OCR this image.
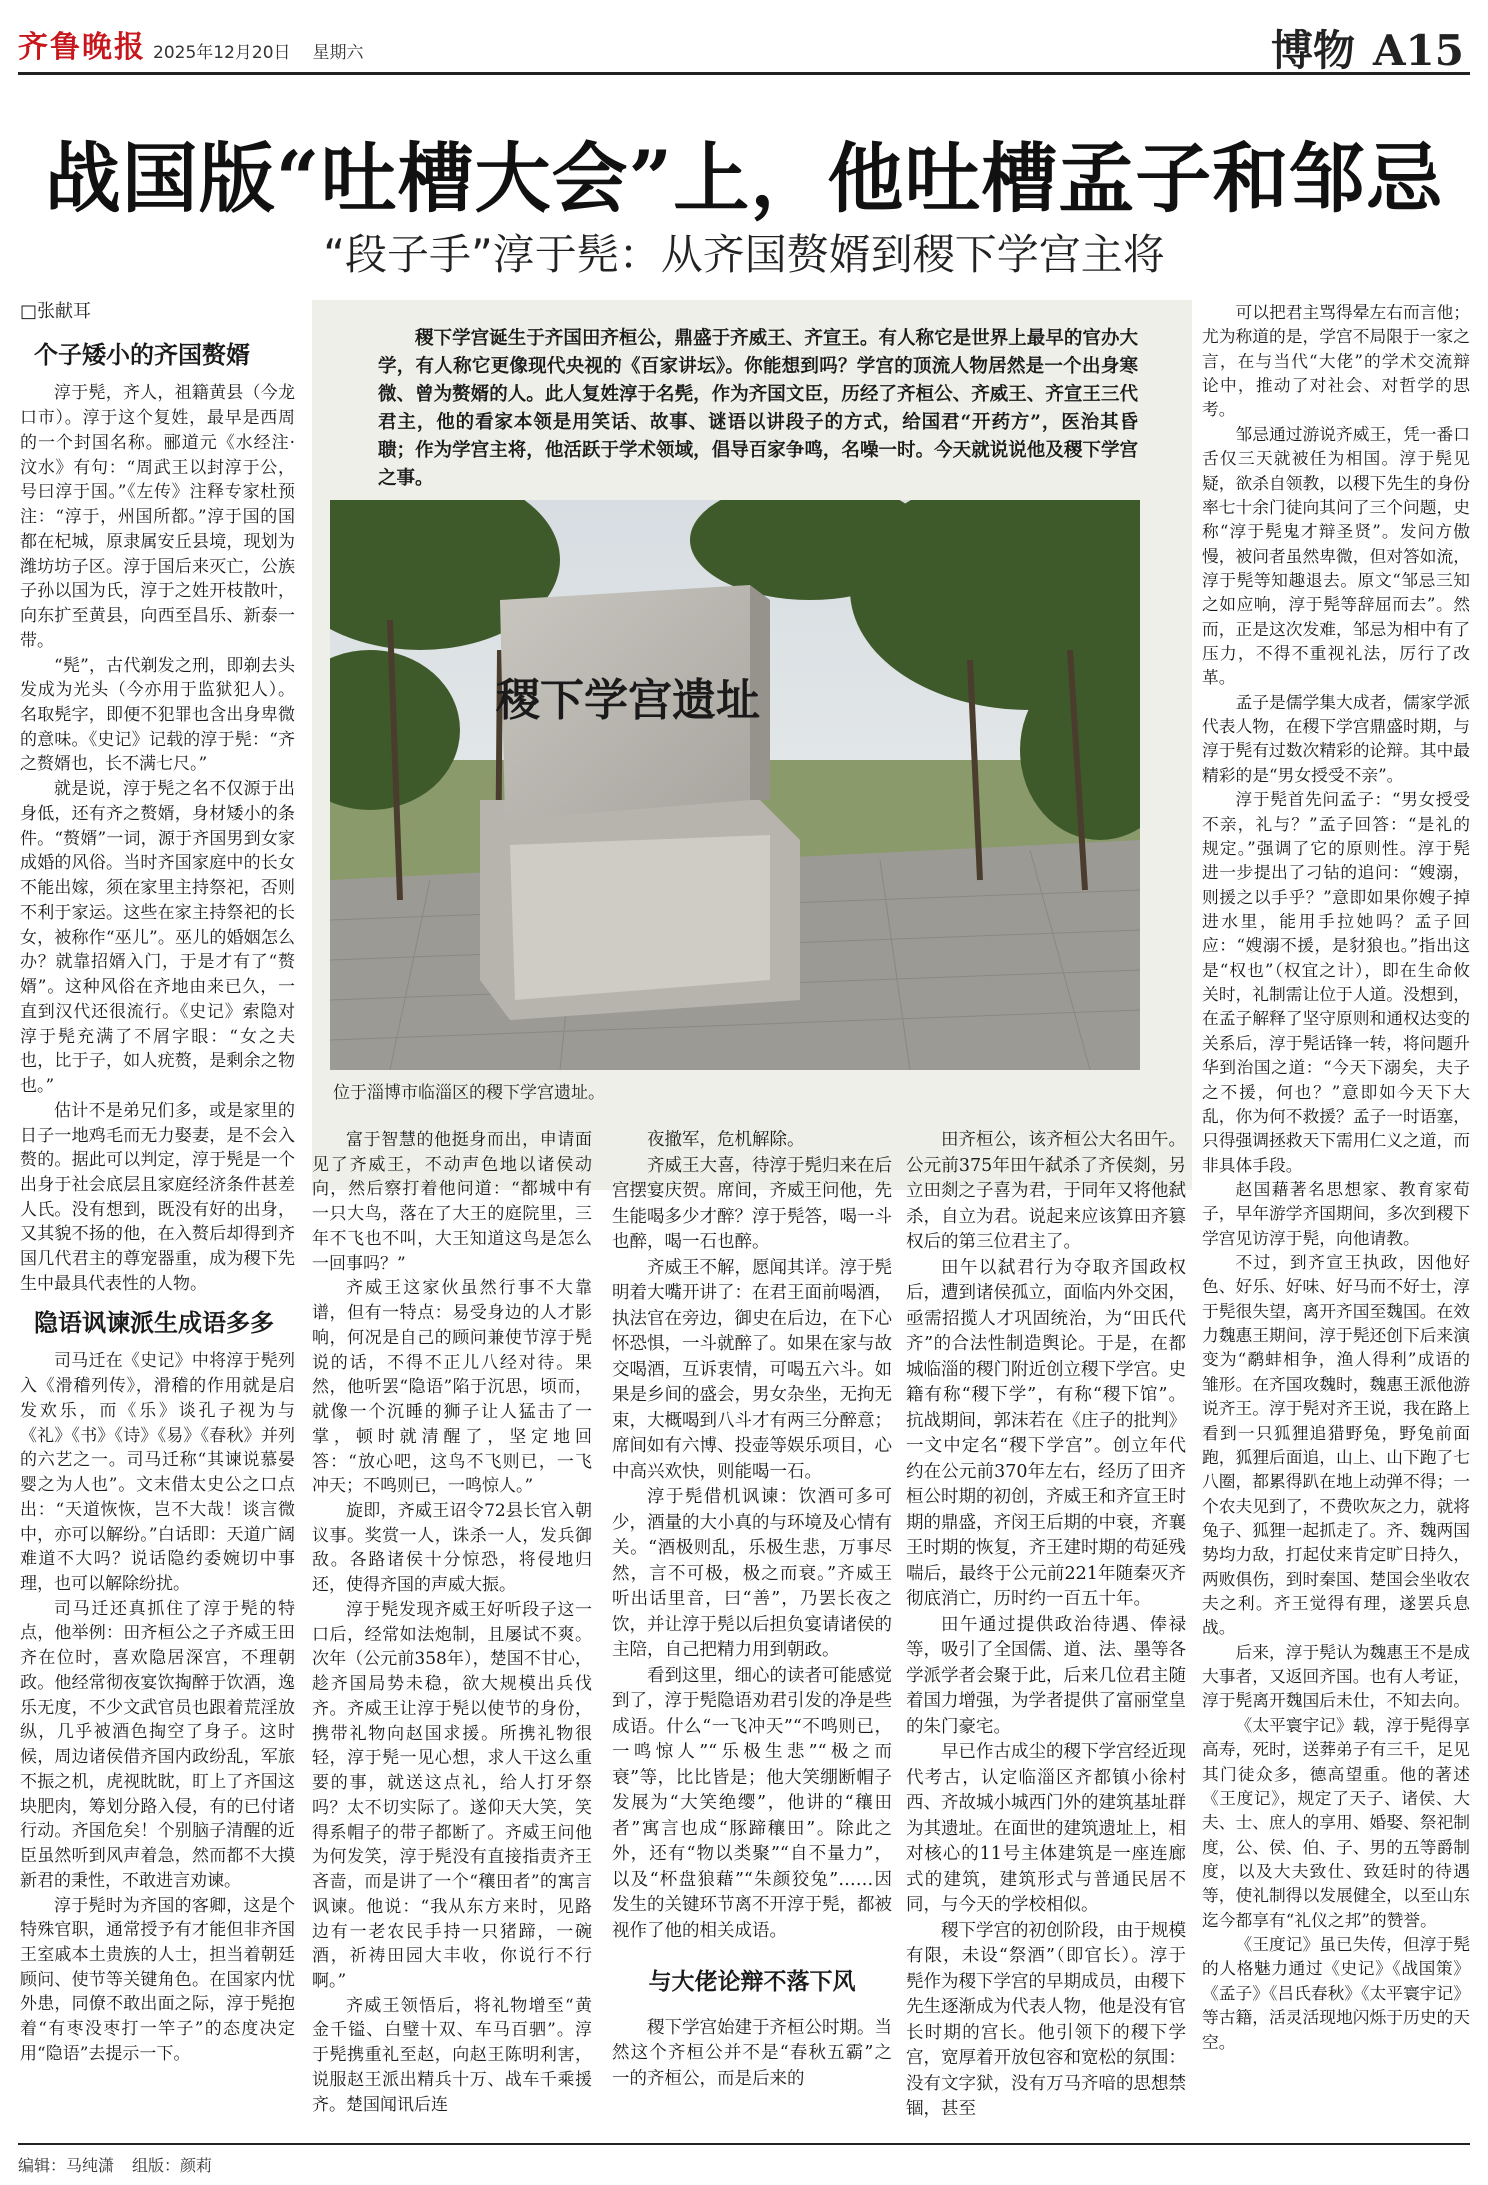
齐鲁晚报 2025年12月20日 星期六	博物 A15
战国版“吐槽大会”上，他吐槽孟子和邹忌
“段子手”淳于髡：从齐国赘婿到稷下学宫主将
□张献耳
个子矮小的齐国赘婿

淳于髡，齐人，祖籍黄县（今龙口市）。淳于这个复姓，最早是西周的一个封国名称。郦道元《水经注·汶水》有句：“周武王以封淳于公，号曰淳于国。”《左传》注释专家杜预注：“淳于，州国所都。”淳于国的国都在杞城，原隶属安丘县境，现划为潍坊坊子区。淳于国后来灭亡，公族子孙以国为氏，淳于之姓开枝散叶，向东扩至黄县，向西至昌乐、新泰一带。

“髡”，古代剃发之刑，即剃去头发成为光头（今亦用于监狱犯人）。名取髡字，即便不犯罪也含出身卑微的意味。《史记》记载的淳于髡：“齐之赘婿也，长不满七尺。”

就是说，淳于髡之名不仅源于出身低，还有齐之赘婿，身材矮小的条件。“赘婿”一词，源于齐国男到女家成婚的风俗。当时齐国家庭中的长女不能出嫁，须在家里主持祭祀，否则不利于家运。这些在家主持祭祀的长女，被称作“巫儿”。巫儿的婚姻怎么办？就靠招婿入门，于是才有了“赘婿”。这种风俗在齐地由来已久，一直到汉代还很流行。《史记》索隐对淳于髡充满了不屑字眼：“女之夫也，比于子，如人疣赘，是剩余之物也。”

估计不是弟兄们多，或是家里的日子一地鸡毛而无力娶妻，是不会入赘的。据此可以判定，淳于髡是一个出身于社会底层且家庭经济条件甚差人氏。没有想到，既没有好的出身，又其貌不扬的他，在入赘后却得到齐国几代君主的尊宠器重，成为稷下先生中最具代表性的人物。

隐语讽谏派生成语多多

司马迁在《史记》中将淳于髡列入《滑稽列传》，滑稽的作用就是启发欢乐，而《乐》谈孔子视为与《礼》《书》《诗》《易》《春秋》并列的六艺之一。司马迁称“其谏说慕晏婴之为人也”。文末借太史公之口点出：“天道恢恢，岂不大哉！谈言微中，亦可以解纷。”白话即：天道广阔难道不大吗？说话隐约委婉切中事理，也可以解除纷扰。

司马迁还真抓住了淳于髡的特点，他举例：田齐桓公之子齐威王田齐在位时，喜欢隐居深宫，不理朝政。他经常彻夜宴饮掏醉于饮酒，逸乐无度，不少文武官员也跟着荒淫放纵，几乎被酒色掏空了身子。这时候，周边诸侯借齐国内政纷乱，军旅不振之机，虎视眈眈，盯上了齐国这块肥肉，筹划分路入侵，有的已付诸行动。齐国危矣！个别脑子清醒的近臣虽然听到风声着急，然而都不大摸新君的秉性，不敢进言劝谏。

淳于髡时为齐国的客卿，这是个特殊官职，通常授予有才能但非齐国王室戚本土贵族的人士，担当着朝廷顾问、使节等关键角色。在国家内忧外患，同僚不敢出面之际，淳于髡抱着“有枣没枣打一竿子”的态度决定用“隐语”去提示一下。

稷下学宫诞生于齐国田齐桓公，鼎盛于齐威王、齐宣王。有人称它是世界上最早的官办大学，有人称它更像现代央视的《百家讲坛》。你能想到吗？学宫的顶流人物居然是一个出身寒微、曾为赘婿的人。此人复姓淳于名髡，作为齐国文臣，历经了齐桓公、齐威王、齐宣王三代君主，他的看家本领是用笑话、故事、谜语以讲段子的方式，给国君“开药方”，医治其昏聩；作为学宫主将，他活跃于学术领域，倡导百家争鸣，名噪一时。今天就说说他及稷下学宫之事。
稷下学宫遗址
位于淄博市临淄区的稷下学宫遗址。

富于智慧的他挺身而出，申请面见了齐威王，不动声色地以诸侯动向，然后察打着他问道：“都城中有一只大鸟，落在了大王的庭院里，三年不飞也不叫，大王知道这鸟是怎么一回事吗？”

齐威王这家伙虽然行事不大靠谱，但有一特点：易受身边的人才影响，何况是自己的顾问兼使节淳于髡说的话，不得不正儿八经对待。果然，他听罢“隐语”陷于沉思，顷而，就像一个沉睡的狮子让人猛击了一掌，顿时就清醒了，坚定地回答：“放心吧，这鸟不飞则已，一飞冲天；不鸣则已，一鸣惊人。”

旋即，齐威王诏令72县长官入朝议事。奖赏一人，诛杀一人，发兵御敌。各路诸侯十分惊恐，将侵地归还，使得齐国的声威大振。

淳于髡发现齐威王好听段子这一口后，经常如法炮制，且屡试不爽。次年（公元前358年），楚国不甘心，趁齐国局势未稳，欲大规模出兵伐齐。齐威王让淳于髡以使节的身份，携带礼物向赵国求援。所携礼物很轻，淳于髡一见心想，求人干这么重要的事，就送这点礼，给人打牙祭吗？太不切实际了。遂仰天大笑，笑得系帽子的带子都断了。齐威王问他为何发笑，淳于髡没有直接指责齐王吝啬，而是讲了一个“穰田者”的寓言讽谏。他说：“我从东方来时，见路边有一老农民手持一只猪蹄，一碗酒，祈祷田园大丰收，你说行不行啊。”

齐威王领悟后，将礼物增至“黄金千镒、白璧十双、车马百驷”。淳于髡携重礼至赵，向赵王陈明利害，说服赵王派出精兵十万、战车千乘援齐。楚国闻讯后连

夜撤军，危机解除。

齐威王大喜，待淳于髡归来在后宫摆宴庆贺。席间，齐威王问他，先生能喝多少才醉？淳于髡答，喝一斗也醉，喝一石也醉。

齐威王不解，愿闻其详。淳于髡明着大嘴开讲了：在君王面前喝酒，执法官在旁边，御史在后边，在下心怀恐惧，一斗就醉了。如果在家与故交喝酒，互诉衷情，可喝五六斗。如果是乡间的盛会，男女杂坐，无拘无束，大概喝到八斗才有两三分醉意；席间如有六博、投壶等娱乐项目，心中高兴欢快，则能喝一石。

淳于髡借机讽谏：饮酒可多可少，酒量的大小真的与环境及心情有关。“酒极则乱，乐极生悲，万事尽然，言不可极，极之而衰。”齐威王听出话里音，曰“善”，乃罢长夜之饮，并让淳于髡以后担负宴请诸侯的主陪，自己把精力用到朝政。

看到这里，细心的读者可能感觉到了，淳于髡隐语劝君引发的净是些成语。什么“一飞冲天”“不鸣则已，一鸣惊人”“乐极生悲”“极之而衰”等，比比皆是；他大笑绷断帽子发展为“大笑绝缨”，他讲的“穰田者”寓言也成“豚蹄穰田”。除此之外，还有“物以类聚”“自不量力”，以及“杯盘狼藉”“朱颜狡兔”……因发生的关键环节离不开淳于髡，都被视作了他的相关成语。

与大佬论辩不落下风

稷下学宫始建于齐桓公时期。当然这个齐桓公并不是“春秋五霸”之一的齐桓公，而是后来的

田齐桓公，该齐桓公大名田午。公元前375年田午弑杀了齐侯剡，另立田剡之子喜为君，于同年又将他弑杀，自立为君。说起来应该算田齐篡权后的第三位君主了。

田午以弑君行为夺取齐国政权后，遭到诸侯孤立，面临内外交困，亟需招揽人才巩固统治，为“田氏代齐”的合法性制造舆论。于是，在都城临淄的稷门附近创立稷下学宫。史籍有称“稷下学”，有称“稷下馆”。抗战期间，郭沫若在《庄子的批判》一文中定名“稷下学宫”。创立年代约在公元前370年左右，经历了田齐桓公时期的初创，齐威王和齐宣王时期的鼎盛，齐闵王后期的中衰，齐襄王时期的恢复，齐王建时期的苟延残喘后，最终于公元前221年随秦灭齐彻底消亡，历时约一百五十年。

田午通过提供政治待遇、俸禄等，吸引了全国儒、道、法、墨等各学派学者会聚于此，后来几位君主随着国力增强，为学者提供了富丽堂皇的朱门豪宅。

早已作古成尘的稷下学宫经近现代考古，认定临淄区齐都镇小徐村西、齐故城小城西门外的建筑基址群为其遗址。在面世的建筑遗址上，相对核心的11号主体建筑是一座连廊式的建筑，建筑形式与普通民居不同，与今天的学校相似。

稷下学宫的初创阶段，由于规模有限，未设“祭酒”（即官长）。淳于髡作为稷下学宫的早期成员，由稷下先生逐渐成为代表人物，他是没有官长时期的宫长。他引领下的稷下学宫，宽厚着开放包容和宽松的氛围：没有文字狱，没有万马齐喑的思想禁锢，甚至

可以把君主骂得晕左右而言他；尤为称道的是，学宫不局限于一家之言，在与当代“大佬”的学术交流辩论中，推动了对社会、对哲学的思考。

邹忌通过游说齐威王，凭一番口舌仅三天就被任为相国。淳于髡见疑，欲杀自领教，以稷下先生的身份率七十余门徒向其问了三个问题，史称“淳于髡鬼才辩圣贤”。发问方傲慢，被问者虽然卑微，但对答如流，淳于髡等知趣退去。原文“邹忌三知之如应响，淳于髡等辞屈而去”。然而，正是这次发难，邹忌为相中有了压力，不得不重视礼法，厉行了改革。

孟子是儒学集大成者，儒家学派代表人物，在稷下学宫鼎盛时期，与淳于髡有过数次精彩的论辩。其中最精彩的是“男女授受不亲”。

淳于髡首先问孟子：“男女授受不亲，礼与？”孟子回答：“是礼的规定。”强调了它的原则性。淳于髡进一步提出了刁钻的追问：“嫂溺，则援之以手乎？”意即如果你嫂子掉进水里，能用手拉她吗？孟子回应：“嫂溺不援，是豺狼也。”指出这是“权也”（权宜之计），即在生命攸关时，礼制需让位于人道。没想到，在孟子解释了坚守原则和通权达变的关系后，淳于髡话锋一转，将问题升华到治国之道：“今天下溺矣，夫子之不援，何也？”意即如今天下大乱，你为何不救援？孟子一时语塞，只得强调拯救天下需用仁义之道，而非具体手段。

赵国藉著名思想家、教育家荀子，早年游学齐国期间，多次到稷下学宫见访淳于髡，向他请教。

不过，到齐宣王执政，因他好色、好乐、好味、好马而不好士，淳于髡很失望，离开齐国至魏国。在效力魏惠王期间，淳于髡还创下后来演变为“鹬蚌相争，渔人得利”成语的雏形。在齐国攻魏时，魏惠王派他游说齐王。淳于髡对齐王说，我在路上看到一只狐狸追猎野兔，野兔前面跑，狐狸后面追，山上、山下跑了七八圈，都累得趴在地上动弹不得；一个农夫见到了，不费吹灰之力，就将兔子、狐狸一起抓走了。齐、魏两国势均力敌，打起仗来肯定旷日持久，两败俱伤，到时秦国、楚国会坐收农夫之利。齐王觉得有理，遂罢兵息战。

后来，淳于髡认为魏惠王不是成大事者，又返回齐国。也有人考证，淳于髡离开魏国后未仕，不知去向。

《太平寰宇记》载，淳于髡得享高寿，死时，送葬弟子有三千，足见其门徒众多，德高望重。他的著述《王度记》，规定了天子、诸侯、大夫、士、庶人的享用、婚娶、祭祀制度，公、侯、伯、子、男的五等爵制度，以及大夫致仕、致廷时的待遇等，使礼制得以发展健全，以至山东迄今都享有“礼仪之邦”的赞誉。

《王度记》虽已失传，但淳于髡的人格魅力通过《史记》《战国策》《孟子》《吕氏春秋》《太平寰宇记》等古籍，活灵活现地闪烁于历史的天空。

编辑：马纯潇 组版：颜莉
